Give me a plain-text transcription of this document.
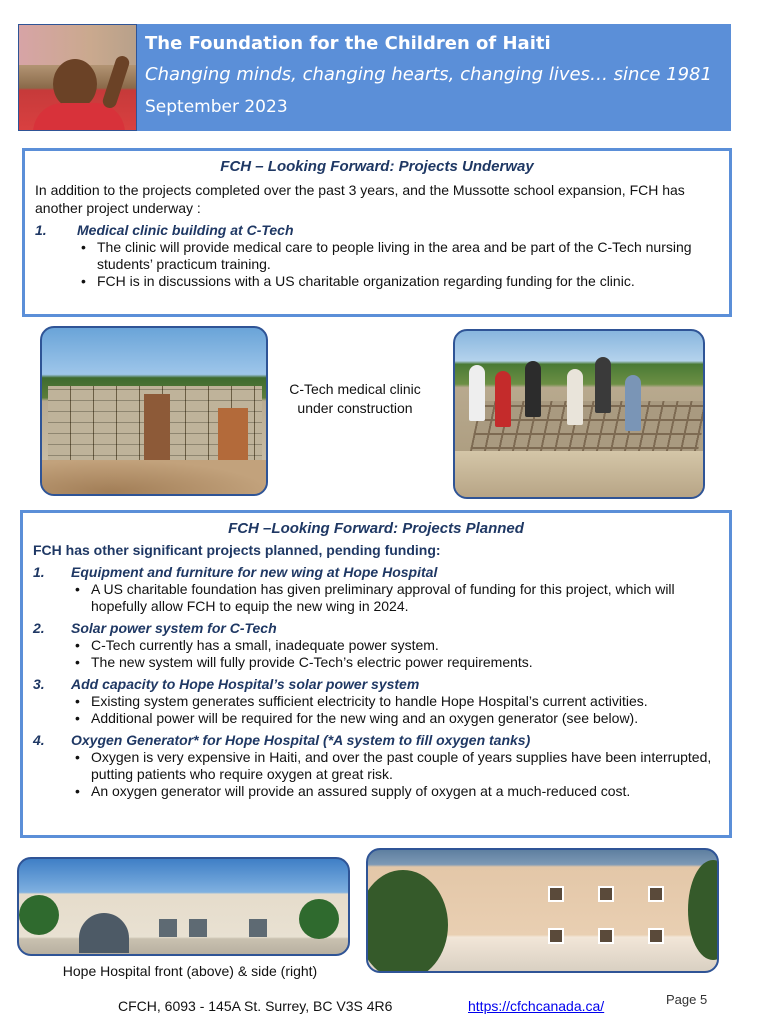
The Foundation for the Children of Haiti
Changing minds, changing hearts, changing lives… since 1981
September 2023
FCH – Looking Forward: Projects Underway
In addition to the projects completed over the past 3 years, and the Mussotte school expansion, FCH has another project underway :
1.	Medical clinic building at C-Tech
• The clinic will provide medical care to people living in the area and be part of the C-Tech nursing students’ practicum training.
• FCH is in discussions with a US charitable organization regarding funding for the clinic.
C-Tech medical clinic under construction
FCH –Looking Forward: Projects Planned
FCH has other significant projects planned, pending funding:
1.	Equipment and furniture for new wing at Hope Hospital
• A US charitable foundation has given preliminary approval of funding for this project, which will hopefully allow FCH to equip the new wing in 2024.
2.	Solar power system for C-Tech
• C-Tech currently has a small, inadequate power system.
• The new system will fully provide C-Tech’s electric power requirements.
3.	Add capacity to Hope Hospital’s solar power system
• Existing system generates sufficient electricity to handle Hope Hospital’s current activities.
• Additional power will be required for the new wing and an oxygen generator (see below).
4.	Oxygen Generator* for Hope Hospital (*A system to fill oxygen tanks)
• Oxygen is very expensive in Haiti, and over the past couple of years supplies have been interrupted, putting patients who require oxygen at great risk.
• An oxygen generator will provide an assured supply of oxygen at a much-reduced cost.
Hope Hospital front (above) & side (right)
CFCH, 6093 - 145A St. Surrey, BC V3S 4R6	https://cfchcanada.ca/	Page 5
